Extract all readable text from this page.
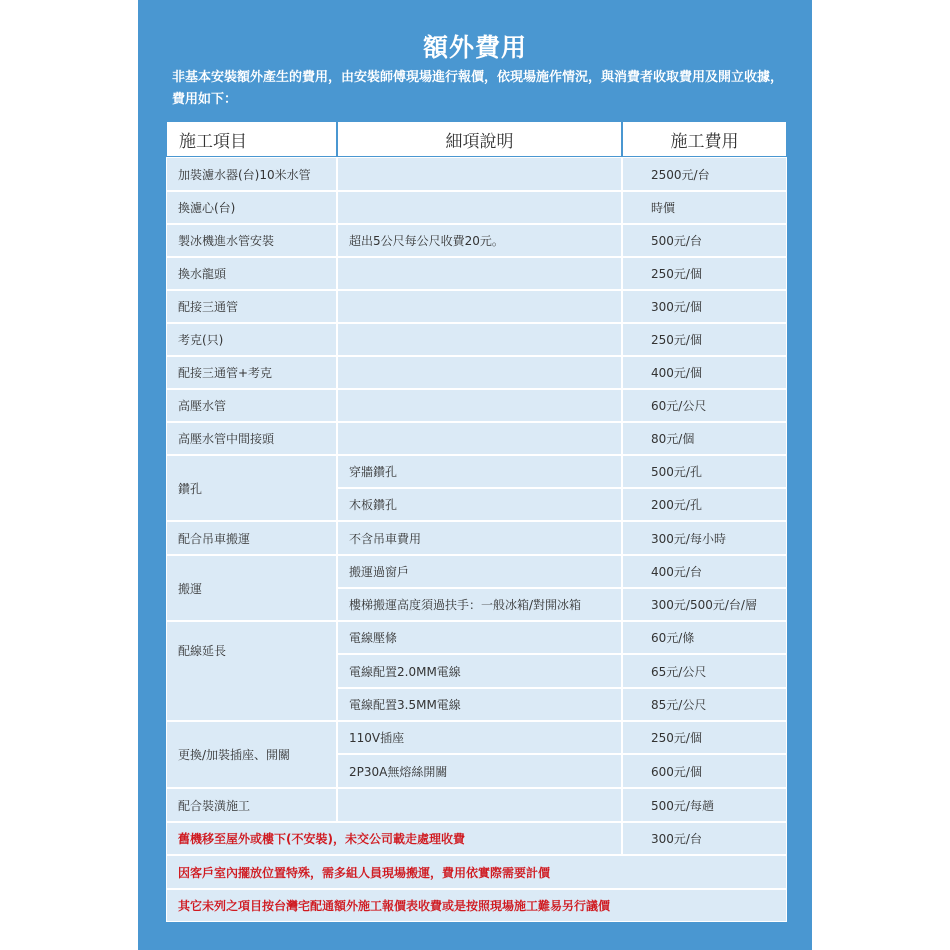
額外費用
非基本安裝額外產生的費用，由安裝師傅現場進行報價，依現場施作情況，與消費者收取費用及開立收據，費用如下：
施工項目	細項說明	施工費用
加裝濾水器(台)10米水管		2500元/台
換濾心(台)		時價
製冰機進水管安裝	超出5公尺每公尺收費20元。	500元/台
換水龍頭		250元/個
配接三通管		300元/個
考克(只)		250元/個
配接三通管+考克		400元/個
高壓水管		60元/公尺
高壓水管中間接頭		80元/個
鑽孔	穿牆鑽孔	500元/孔
	木板鑽孔	200元/孔
配合吊車搬運	不含吊車費用	300元/每小時
搬運	搬運過窗戶	400元/台
	樓梯搬運高度須過扶手：一般冰箱/對開冰箱	300元/500元/台/層
配線延長	電線壓條	60元/條
	電線配置2.0MM電線	65元/公尺
	電線配置3.5MM電線	85元/公尺
更換/加裝插座、開關	110V插座	250元/個
	2P30A無熔絲開關	600元/個
配合裝潢施工		500元/每趟
舊機移至屋外或樓下(不安裝)，未交公司載走處理收費		300元/台
因客戶室內擺放位置特殊，需多組人員現場搬運，費用依實際需要計價		
其它未列之項目按台灣宅配通額外施工報價表收費或是按照現場施工難易另行議價		
